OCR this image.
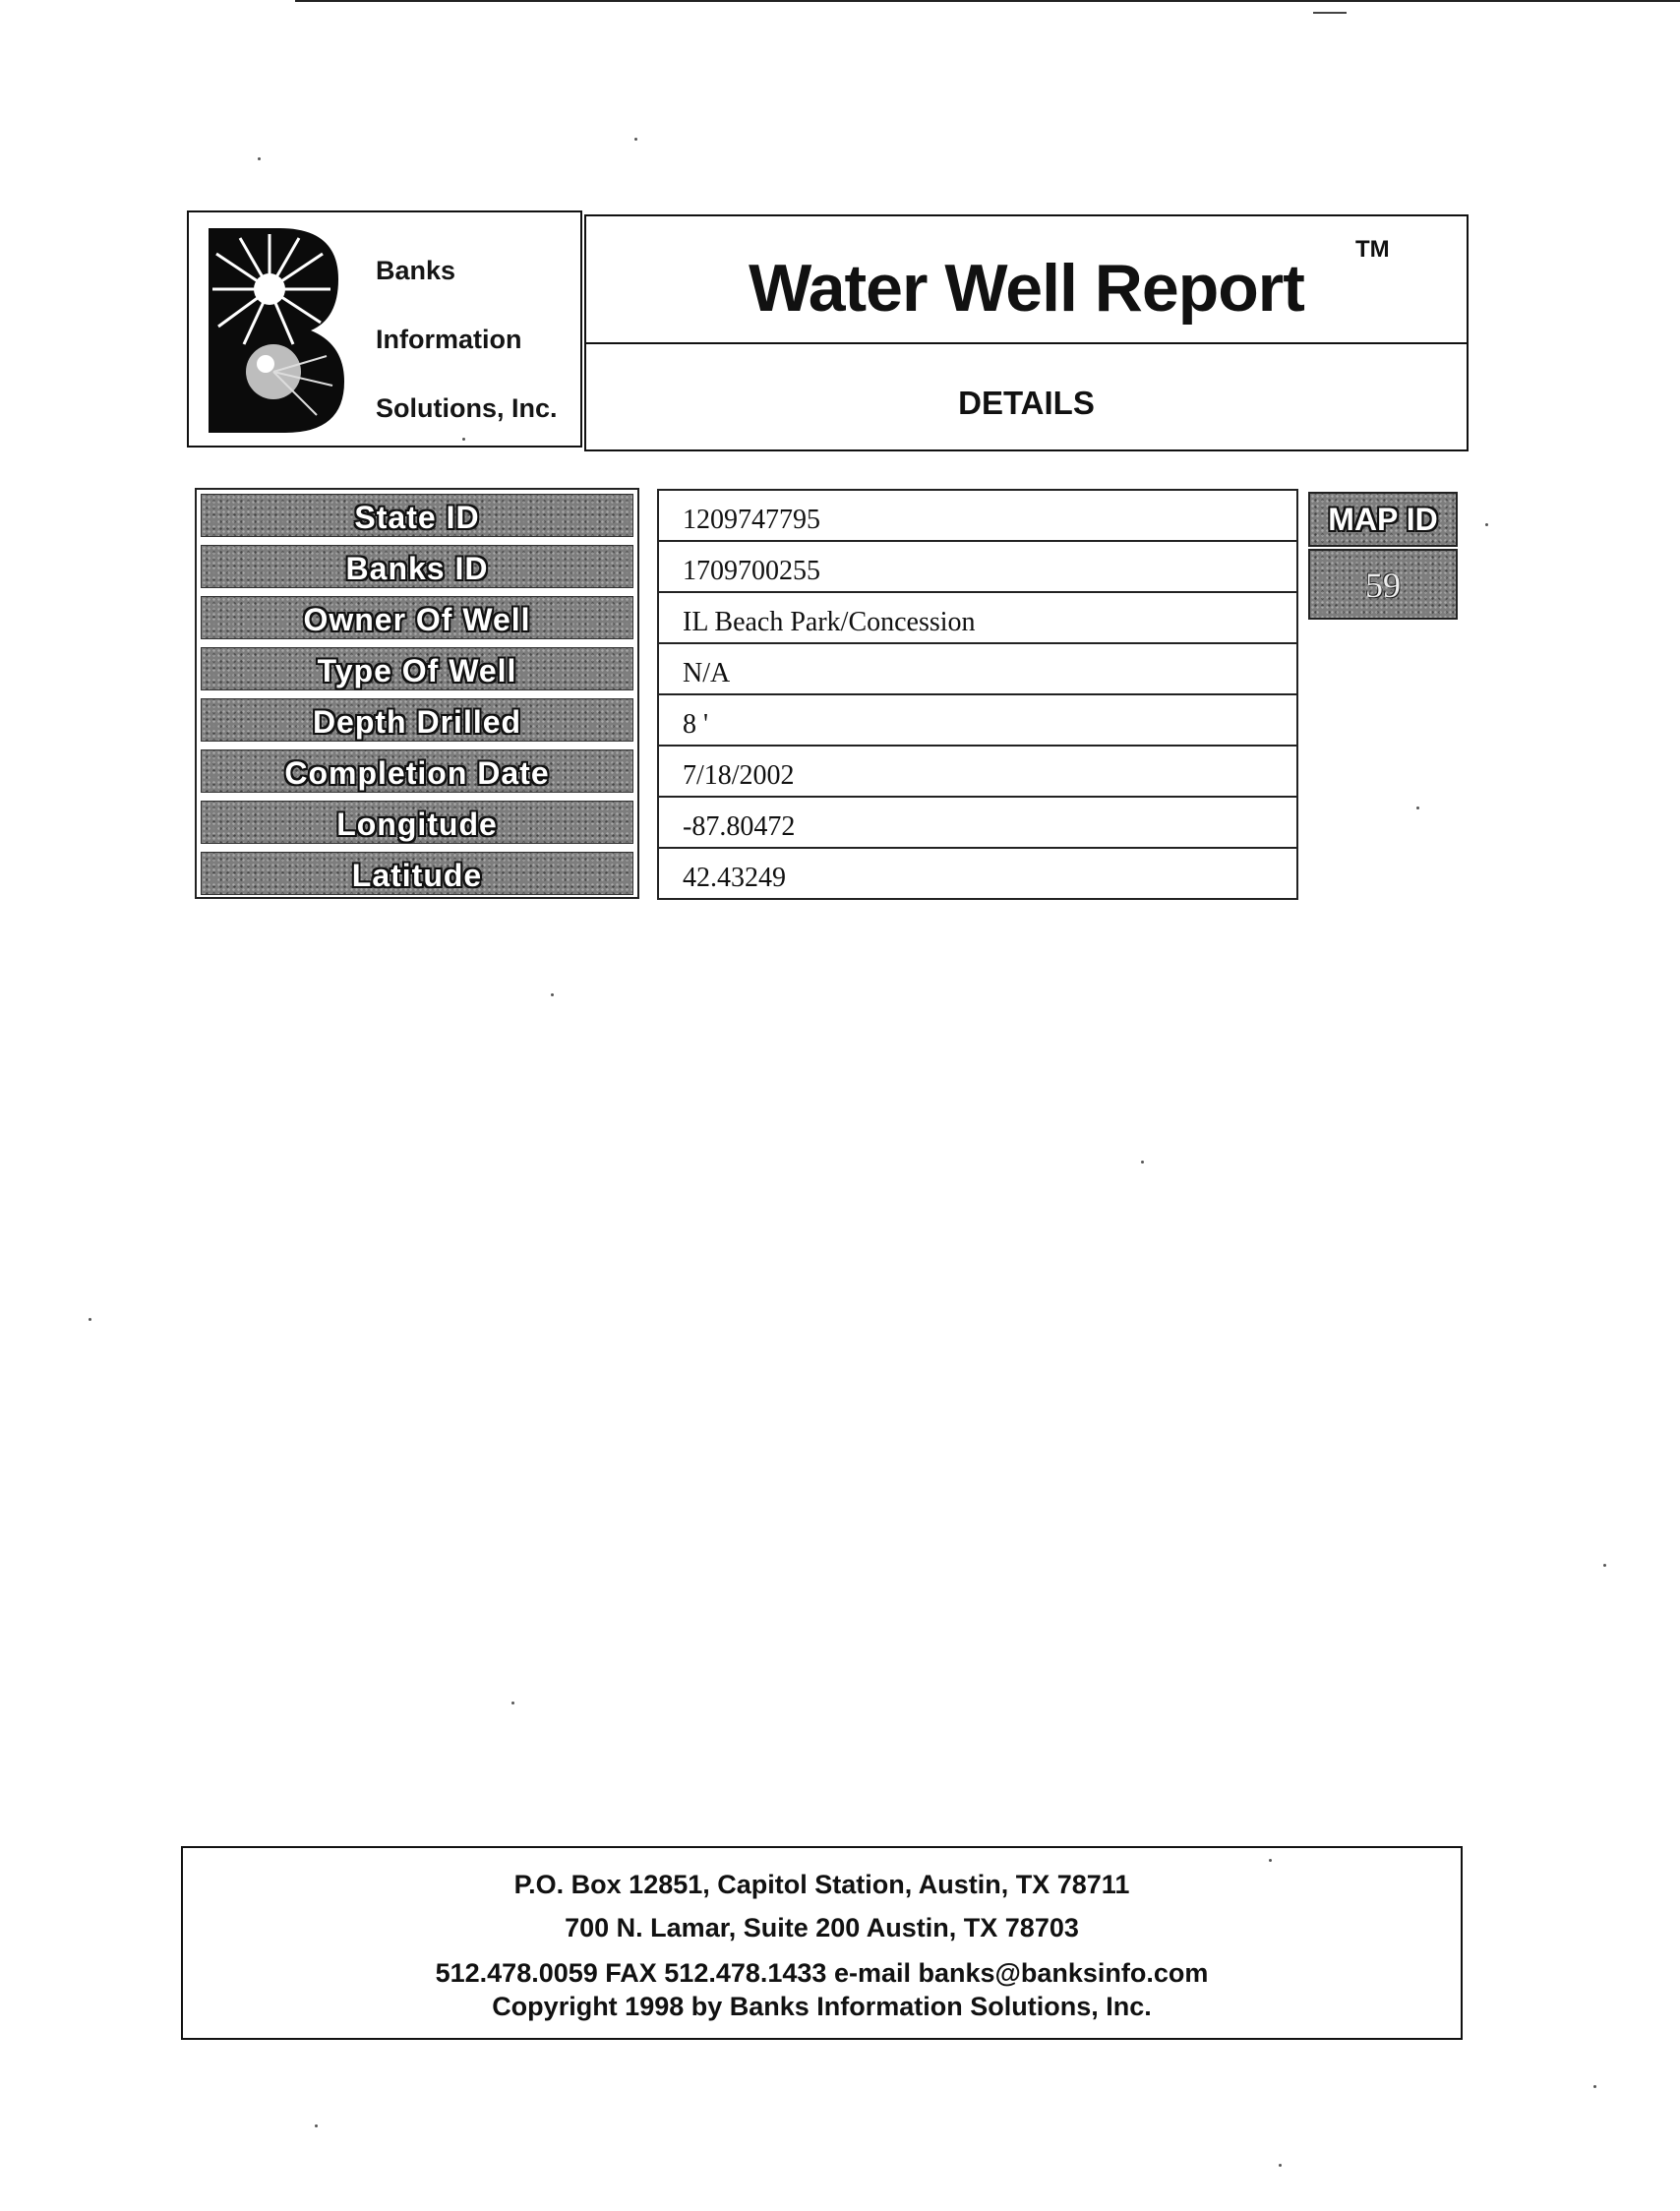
Banks
Information
Solutions, Inc.
Water Well Report
TM
DETAILS
State ID
Banks ID
Owner Of Well
Type Of Well
Depth Drilled
Completion Date
Longitude
Latitude
1209747795
1709700255
IL Beach Park/Concession
N/A
8 '
7/18/2002
-87.80472
42.43249
MAP ID
59
P.O. Box 12851, Capitol Station, Austin, TX 78711
700 N. Lamar, Suite 200 Austin, TX 78703
512.478.0059 FAX 512.478.1433 e-mail banks@banksinfo.com
Copyright 1998 by Banks Information Solutions, Inc.
